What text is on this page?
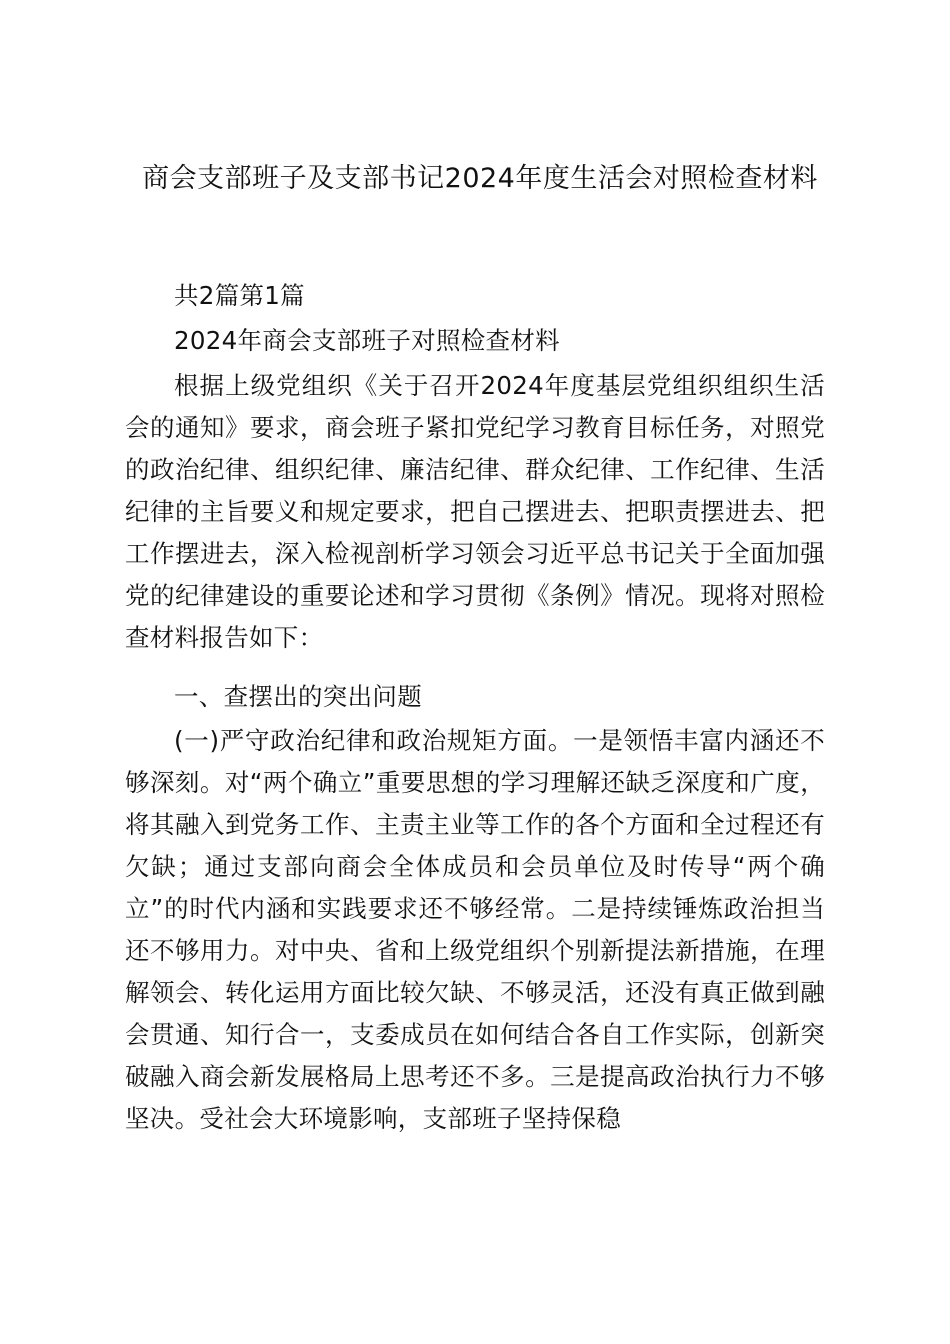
商会支部班子及支部书记2024年度生活会对照检查材料

共2篇第1篇

2024年商会支部班子对照检查材料

根据上级党组织《关于召开2024年度基层党组织组织生活会的通知》要求，商会班子紧扣党纪学习教育目标任务，对照党的政治纪律、组织纪律、廉洁纪律、群众纪律、工作纪律、生活纪律的主旨要义和规定要求，把自己摆进去、把职责摆进去、把工作摆进去，深入检视剖析学习领会习近平总书记关于全面加强党的纪律建设的重要论述和学习贯彻《条例》情况。现将对照检查材料报告如下：

一、查摆出的突出问题

(一)严守政治纪律和政治规矩方面。一是领悟丰富内涵还不够深刻。对“两个确立”重要思想的学习理解还缺乏深度和广度，将其融入到党务工作、主责主业等工作的各个方面和全过程还有欠缺；通过支部向商会全体成员和会员单位及时传导“两个确立”的时代内涵和实践要求还不够经常。二是持续锤炼政治担当还不够用力。对中央、省和上级党组织个别新提法新措施，在理解领会、转化运用方面比较欠缺、不够灵活，还没有真正做到融会贯通、知行合一，支委成员在如何结合各自工作实际，创新突破融入商会新发展格局上思考还不多。三是提高政治执行力不够坚决。受社会大环境影响，支部班子坚持保稳
